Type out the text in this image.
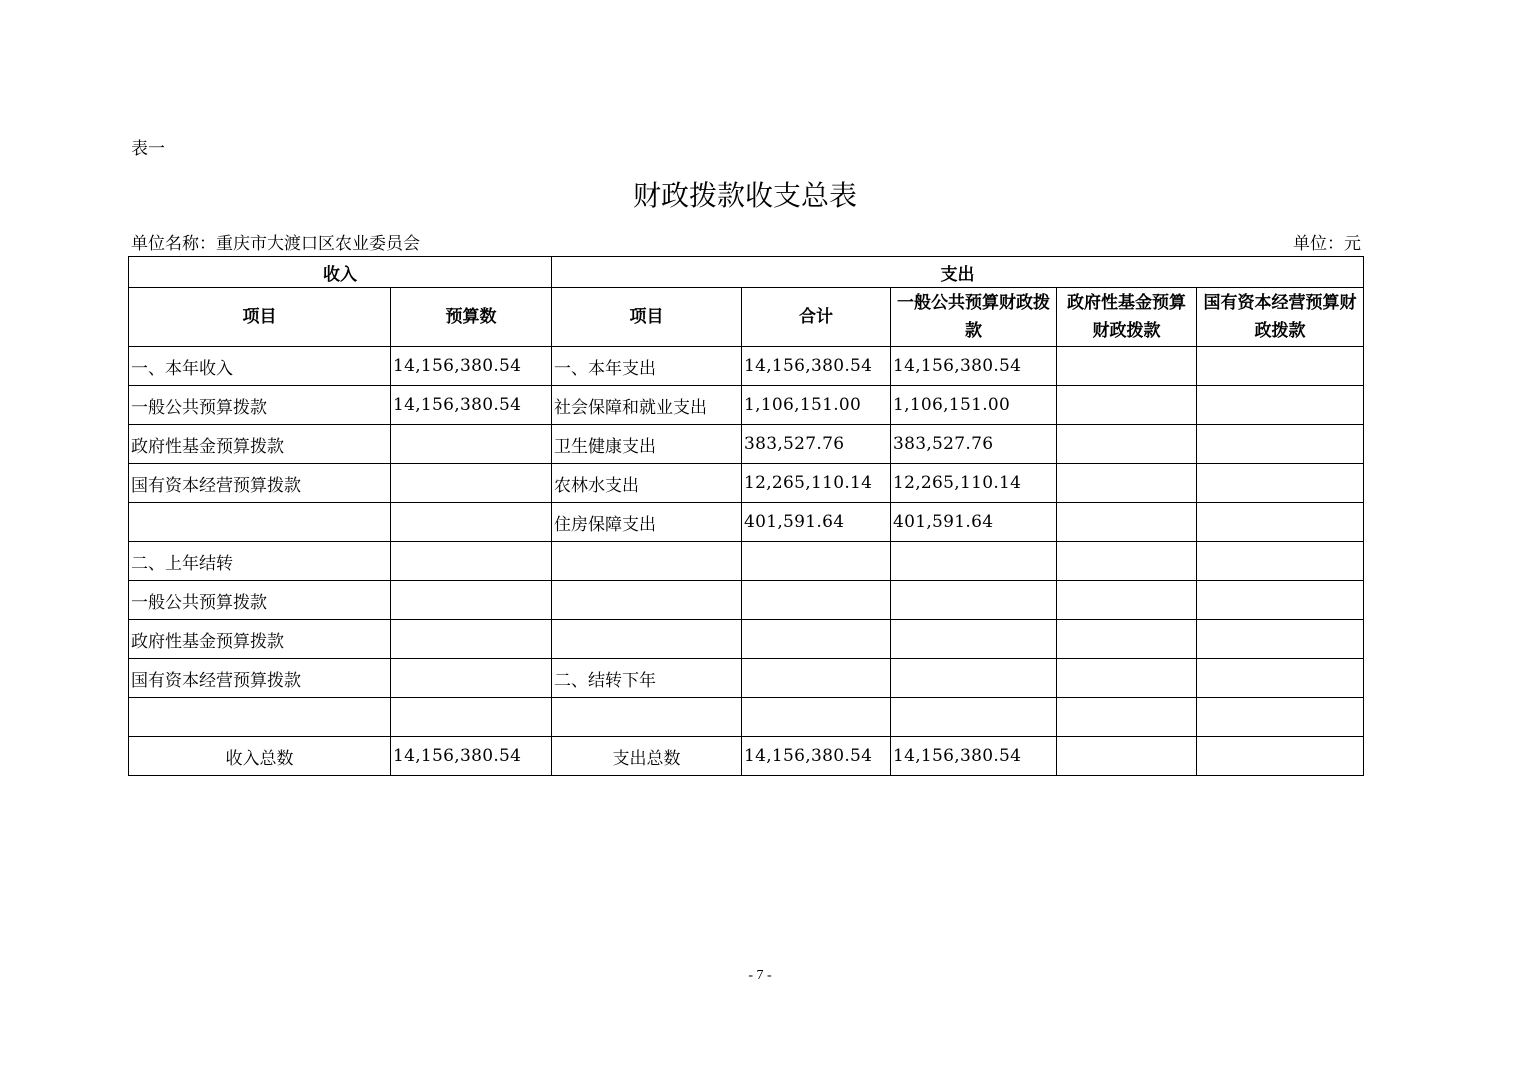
表一
财政拨款收支总表
单位名称：重庆市大渡口区农业委员会	单位：元
收入		支出				
项目	预算数	项目	合计	一般公共预算财政拨款	政府性基金预算财政拨款	国有资本经营预算财政拨款
一、本年收入	14,156,380.54	一、本年支出	14,156,380.54	14,156,380.54		
一般公共预算拨款	14,156,380.54	社会保障和就业支出	1,106,151.00	1,106,151.00		
政府性基金预算拨款		卫生健康支出	383,527.76	383,527.76		
国有资本经营预算拨款		农林水支出	12,265,110.14	12,265,110.14		
		住房保障支出	401,591.64	401,591.64		
二、上年结转						
一般公共预算拨款						
政府性基金预算拨款						
国有资本经营预算拨款		二、结转下年				

收入总数	14,156,380.54	支出总数	14,156,380.54	14,156,380.54		
- 7 -
